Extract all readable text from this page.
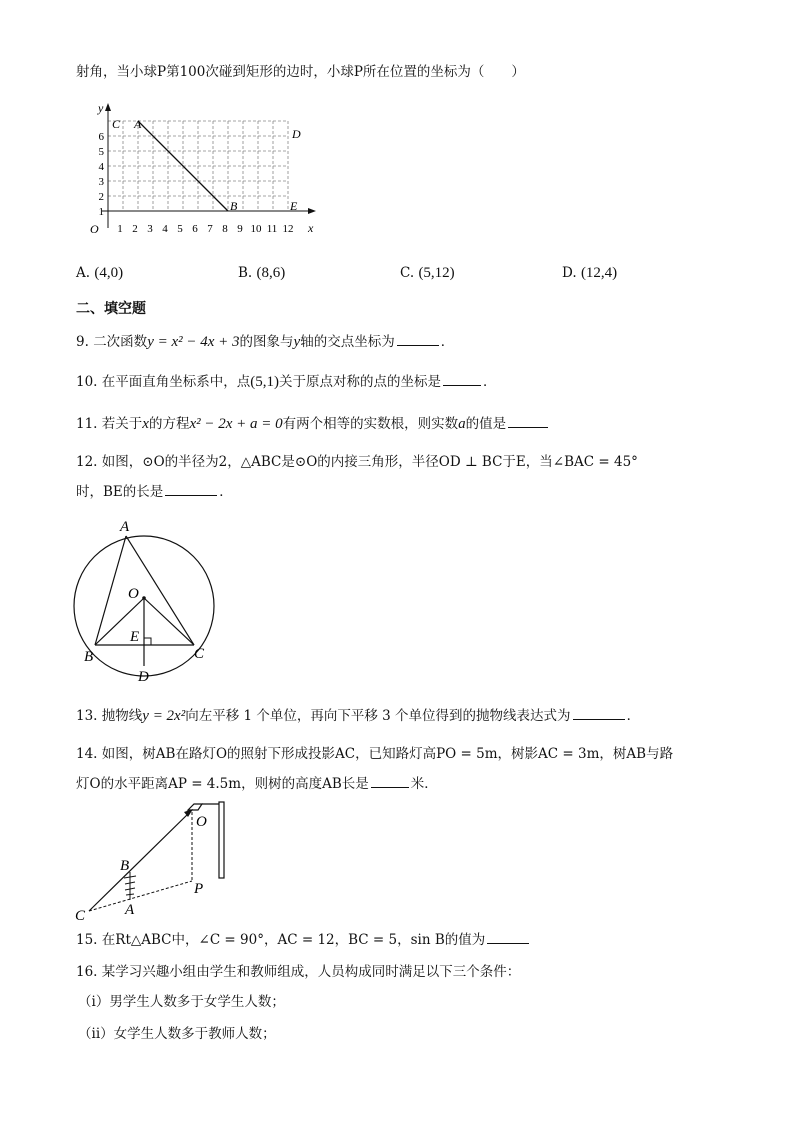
射角，当小球P第100次碰到矩形的边时，小球P所在位置的坐标为（　　）
y
x
O
1
2
3
4
5
6
1 2 3 4 5 6 7 8 9 10 11 12
C A
D
B	E
A. (4,0)	B. (8,6)	C. (5,12)	D. (12,4)
二、填空题
9. 二次函数y = x² − 4x + 3的图象与y轴的交点坐标为	．
10. 在平面直角坐标系中，点(5,1)关于原点对称的点的坐标是	．
11. 若关于x的方程x² − 2x + a = 0有两个相等的实数根，则实数a的值是
12. 如图，⊙O的半径为2，△ABC是⊙O的内接三角形，半径OD ⊥ BC于E，当∠BAC = 45°
时，BE的长是	．
A
O
E
B	C
D
13. 抛物线y = 2x²向左平移 1 个单位，再向下平移 3 个单位得到的抛物线表达式为	．
14. 如图，树AB在路灯O的照射下形成投影AC，已知路灯高PO = 5m，树影AC = 3m，树AB与路
灯O的水平距离AP = 4.5m，则树的高度AB长是	米．
O
B
P
C	A
15. 在Rt△ABC中，∠C = 90°，AC = 12，BC = 5，sin B的值为
16. 某学习兴趣小组由学生和教师组成，人员构成同时满足以下三个条件：
（i）男学生人数多于女学生人数；
（ii）女学生人数多于教师人数；
